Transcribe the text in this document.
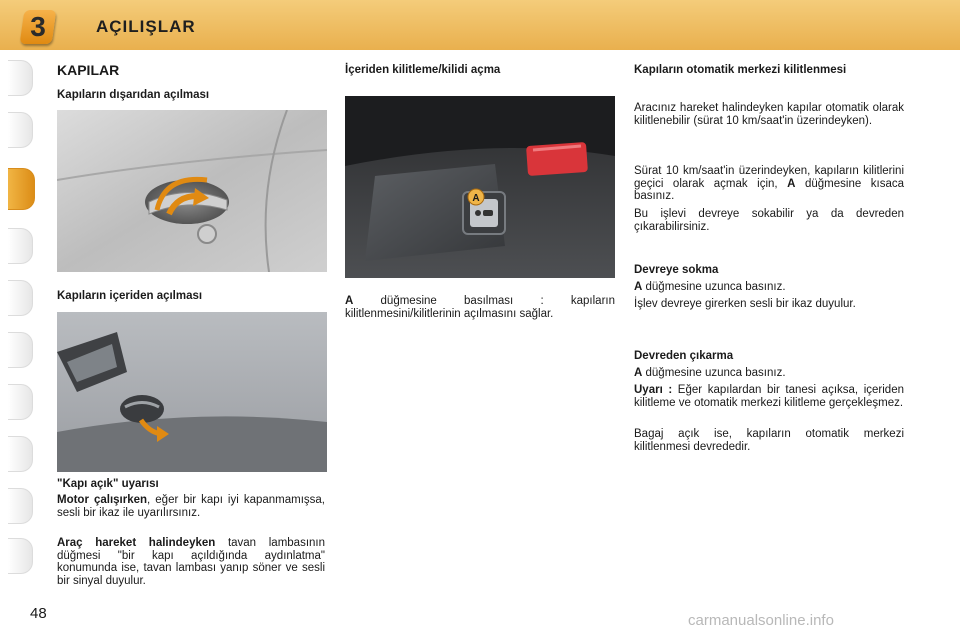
3	AÇILIŞLAR
KAPILAR
Kapıların dışarıdan açılması
Kapıların içeriden açılması
"Kapı açık" uyarısı
Motor çalışırken, eğer bir kapı iyi kapanmamışsa, sesli bir ikaz ile uyarılırsınız.
Araç hareket halindeyken tavan lambasının düğmesi "bir kapı açıldığında aydınlatma" konumunda ise, tavan lambası yanıp söner ve sesli bir sinyal duyulur.
İçeriden kilitleme/kilidi açma
A
A düğmesine basılması : kapıların kilitlenmesini/kilitlerinin açılmasını sağlar.
Kapıların otomatik merkezi kilitlenmesi
Aracınız hareket halindeyken kapılar otomatik olarak kilitlenebilir (sürat 10 km/saat'in üzerindeyken).
Sürat 10 km/saat'in üzerindeyken, kapıların kilitlerini geçici olarak açmak için, A düğmesine kısaca basınız.
Bu işlevi devreye sokabilir ya da devreden çıkarabilirsiniz.
Devreye sokma
A düğmesine uzunca basınız.
İşlev devreye girerken sesli bir ikaz duyulur.
Devreden çıkarma
A düğmesine uzunca basınız.
Uyarı : Eğer kapılardan bir tanesi açıksa, içeriden kilitleme ve otomatik merkezi kilitleme gerçekleşmez.
Bagaj açık ise, kapıların otomatik merkezi kilitlenmesi devrededir.
48	carmanualsonline.info
